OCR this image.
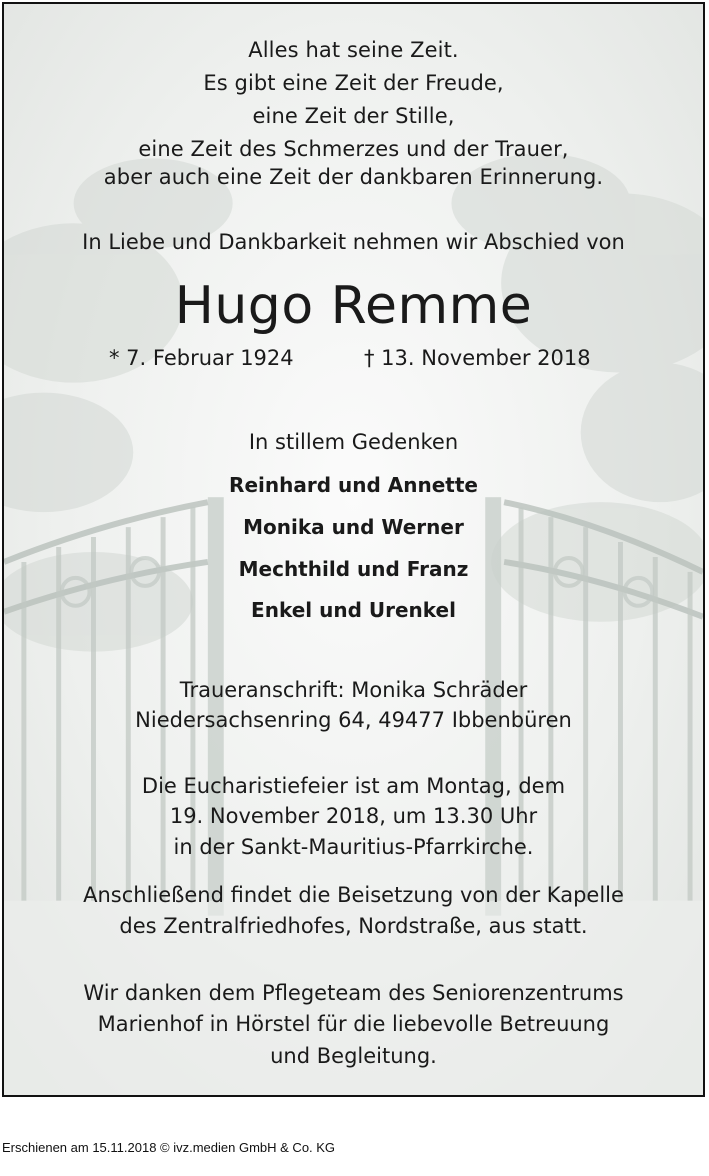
Alles hat seine Zeit.
Es gibt eine Zeit der Freude,
eine Zeit der Stille,
eine Zeit des Schmerzes und der Trauer,
aber auch eine Zeit der dankbaren Erinnerung.
In Liebe und Dankbarkeit nehmen wir Abschied von
Hugo Remme
* 7. Februar 1924	† 13. November 2018
In stillem Gedenken
Reinhard und Annette
Monika und Werner
Mechthild und Franz
Enkel und Urenkel
Traueranschrift: Monika Schräder
Niedersachsenring 64, 49477 Ibbenbüren
Die Eucharistiefeier ist am Montag, dem
19. November 2018, um 13.30 Uhr
in der Sankt-Mauritius-Pfarrkirche.
Anschließend findet die Beisetzung von der Kapelle
des Zentralfriedhofes, Nordstraße, aus statt.
Wir danken dem Pflegeteam des Seniorenzentrums
Marienhof in Hörstel für die liebevolle Betreuung
und Begleitung.
Erschienen am 15.11.2018 © ivz.medien GmbH & Co. KG
